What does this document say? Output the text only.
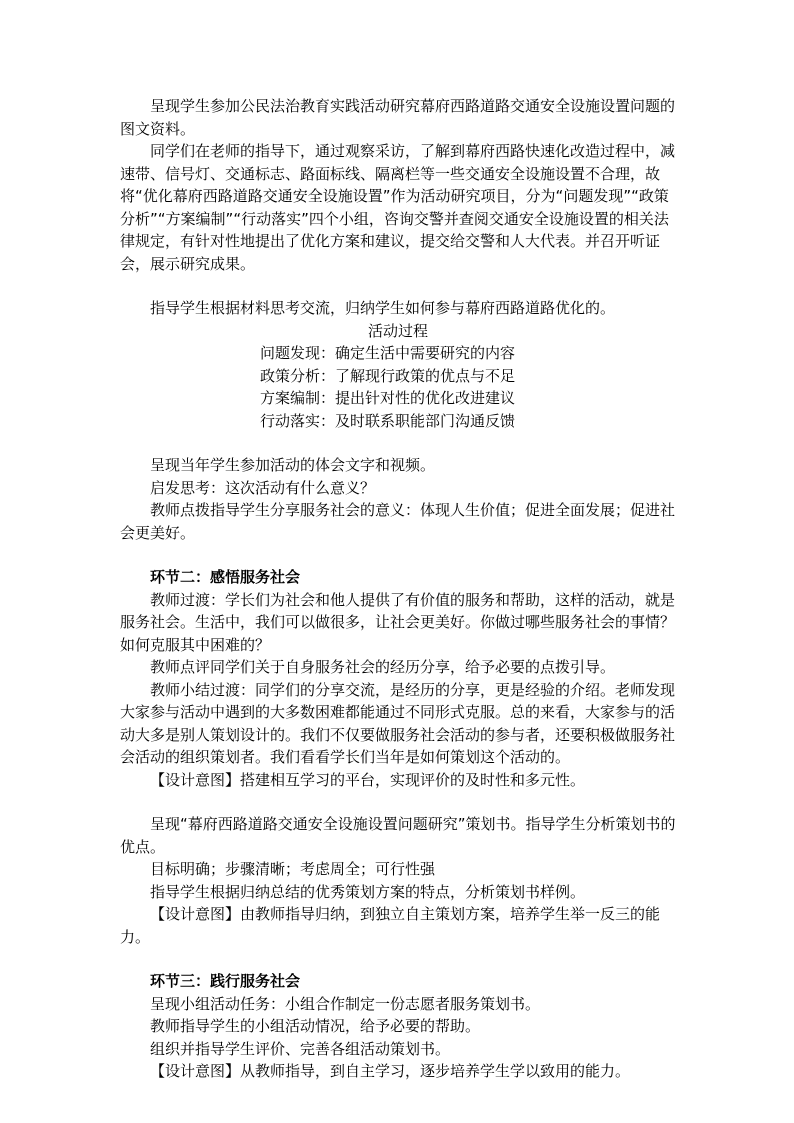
呈现学生参加公民法治教育实践活动研究幕府西路道路交通安全设施设置问题的图文资料。

同学们在老师的指导下，通过观察采访，了解到幕府西路快速化改造过程中，减速带、信号灯、交通标志、路面标线、隔离栏等一些交通安全设施设置不合理，故将“优化幕府西路道路交通安全设施设置”作为活动研究项目，分为“问题发现”“政策分析”“方案编制”“行动落实”四个小组，咨询交警并查阅交通安全设施设置的相关法律规定，有针对性地提出了优化方案和建议，提交给交警和人大代表。并召开听证会，展示研究成果。

指导学生根据材料思考交流，归纳学生如何参与幕府西路道路优化的。

活动过程

问题发现：确定生活中需要研究的内容

政策分析：了解现行政策的优点与不足

方案编制：提出针对性的优化改进建议

行动落实：及时联系职能部门沟通反馈

呈现当年学生参加活动的体会文字和视频。

启发思考：这次活动有什么意义？

教师点拨指导学生分享服务社会的意义：体现人生价值；促进全面发展；促进社会更美好。

环节二：感悟服务社会

教师过渡：学长们为社会和他人提供了有价值的服务和帮助，这样的活动，就是服务社会。生活中，我们可以做很多，让社会更美好。你做过哪些服务社会的事情？如何克服其中困难的？

教师点评同学们关于自身服务社会的经历分享，给予必要的点拨引导。

教师小结过渡：同学们的分享交流，是经历的分享，更是经验的介绍。老师发现大家参与活动中遇到的大多数困难都能通过不同形式克服。总的来看，大家参与的活动大多是别人策划设计的。我们不仅要做服务社会活动的参与者，还要积极做服务社会活动的组织策划者。我们看看学长们当年是如何策划这个活动的。

【设计意图】搭建相互学习的平台，实现评价的及时性和多元性。

呈现“幕府西路道路交通安全设施设置问题研究”策划书。指导学生分析策划书的优点。

目标明确；步骤清晰；考虑周全；可行性强

指导学生根据归纳总结的优秀策划方案的特点，分析策划书样例。

【设计意图】由教师指导归纳，到独立自主策划方案，培养学生举一反三的能力。

环节三：践行服务社会

呈现小组活动任务：小组合作制定一份志愿者服务策划书。

教师指导学生的小组活动情况，给予必要的帮助。

组织并指导学生评价、完善各组活动策划书。

【设计意图】从教师指导，到自主学习，逐步培养学生学以致用的能力。
